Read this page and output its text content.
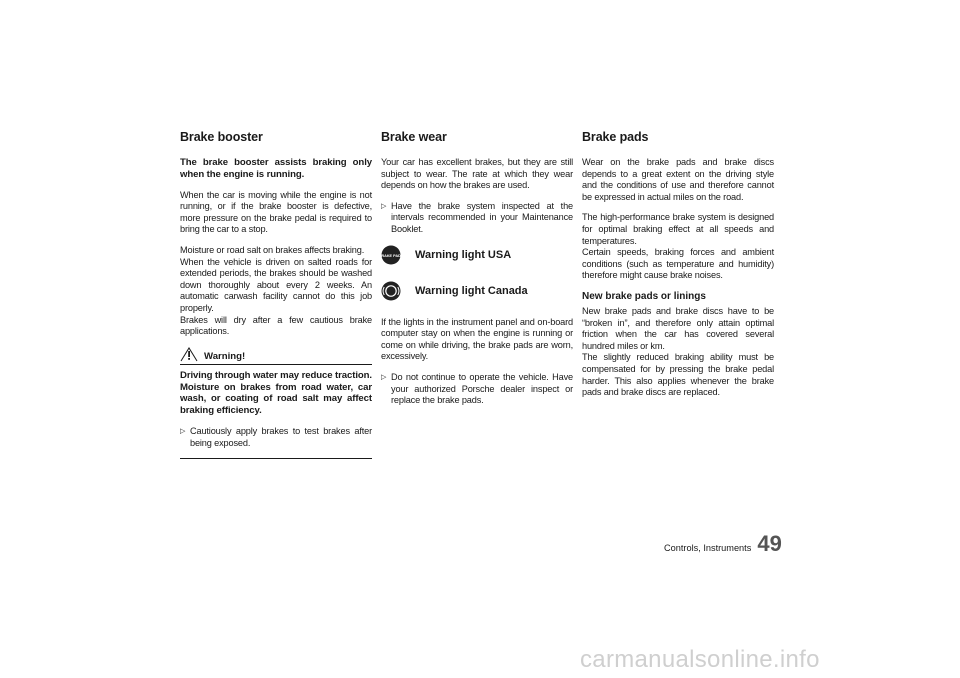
Brake booster

The brake booster assists braking only when the engine is running.

When the car is moving while the engine is not running, or if the brake booster is defective, more pressure on the brake pedal is required to bring the car to a stop.

Moisture or road salt on brakes affects braking.

When the vehicle is driven on salted roads for extended periods, the brakes should be washed down thoroughly about every 2 weeks. An automatic carwash facility cannot do this job properly.

Brakes will dry after a few cautious brake applications.

Warning!

Driving through water may reduce traction. Moisture on brakes from road water, car wash, or coating of road salt may affect braking efficiency.

▷ Cautiously apply brakes to test brakes after being exposed.
Brake wear

Your car has excellent brakes, but they are still subject to wear. The rate at which they wear depends on how the brakes are used.

▷ Have the brake system inspected at the intervals recommended in your Maintenance Booklet.
BRAKE PADS Warning light USA
Warning light Canada

If the lights in the instrument panel and on-board computer stay on when the engine is running or come on while driving, the brake pads are worn, excessively.

▷ Do not continue to operate the vehicle. Have your authorized Porsche dealer inspect or replace the brake pads.
Brake pads

Wear on the brake pads and brake discs depends to a great extent on the driving style and the conditions of use and therefore cannot be expressed in actual miles on the road.

The high-performance brake system is designed for optimal braking effect at all speeds and temperatures.

Certain speeds, braking forces and ambient conditions (such as temperature and humidity) therefore might cause brake noises.

New brake pads or linings

New brake pads and brake discs have to be “broken in”, and therefore only attain optimal friction when the car has covered several hundred miles or km.

The slightly reduced braking ability must be compensated for by pressing the brake pedal harder. This also applies whenever the brake pads and brake discs are replaced.

Controls, Instruments 49
carmanualsonline.info
